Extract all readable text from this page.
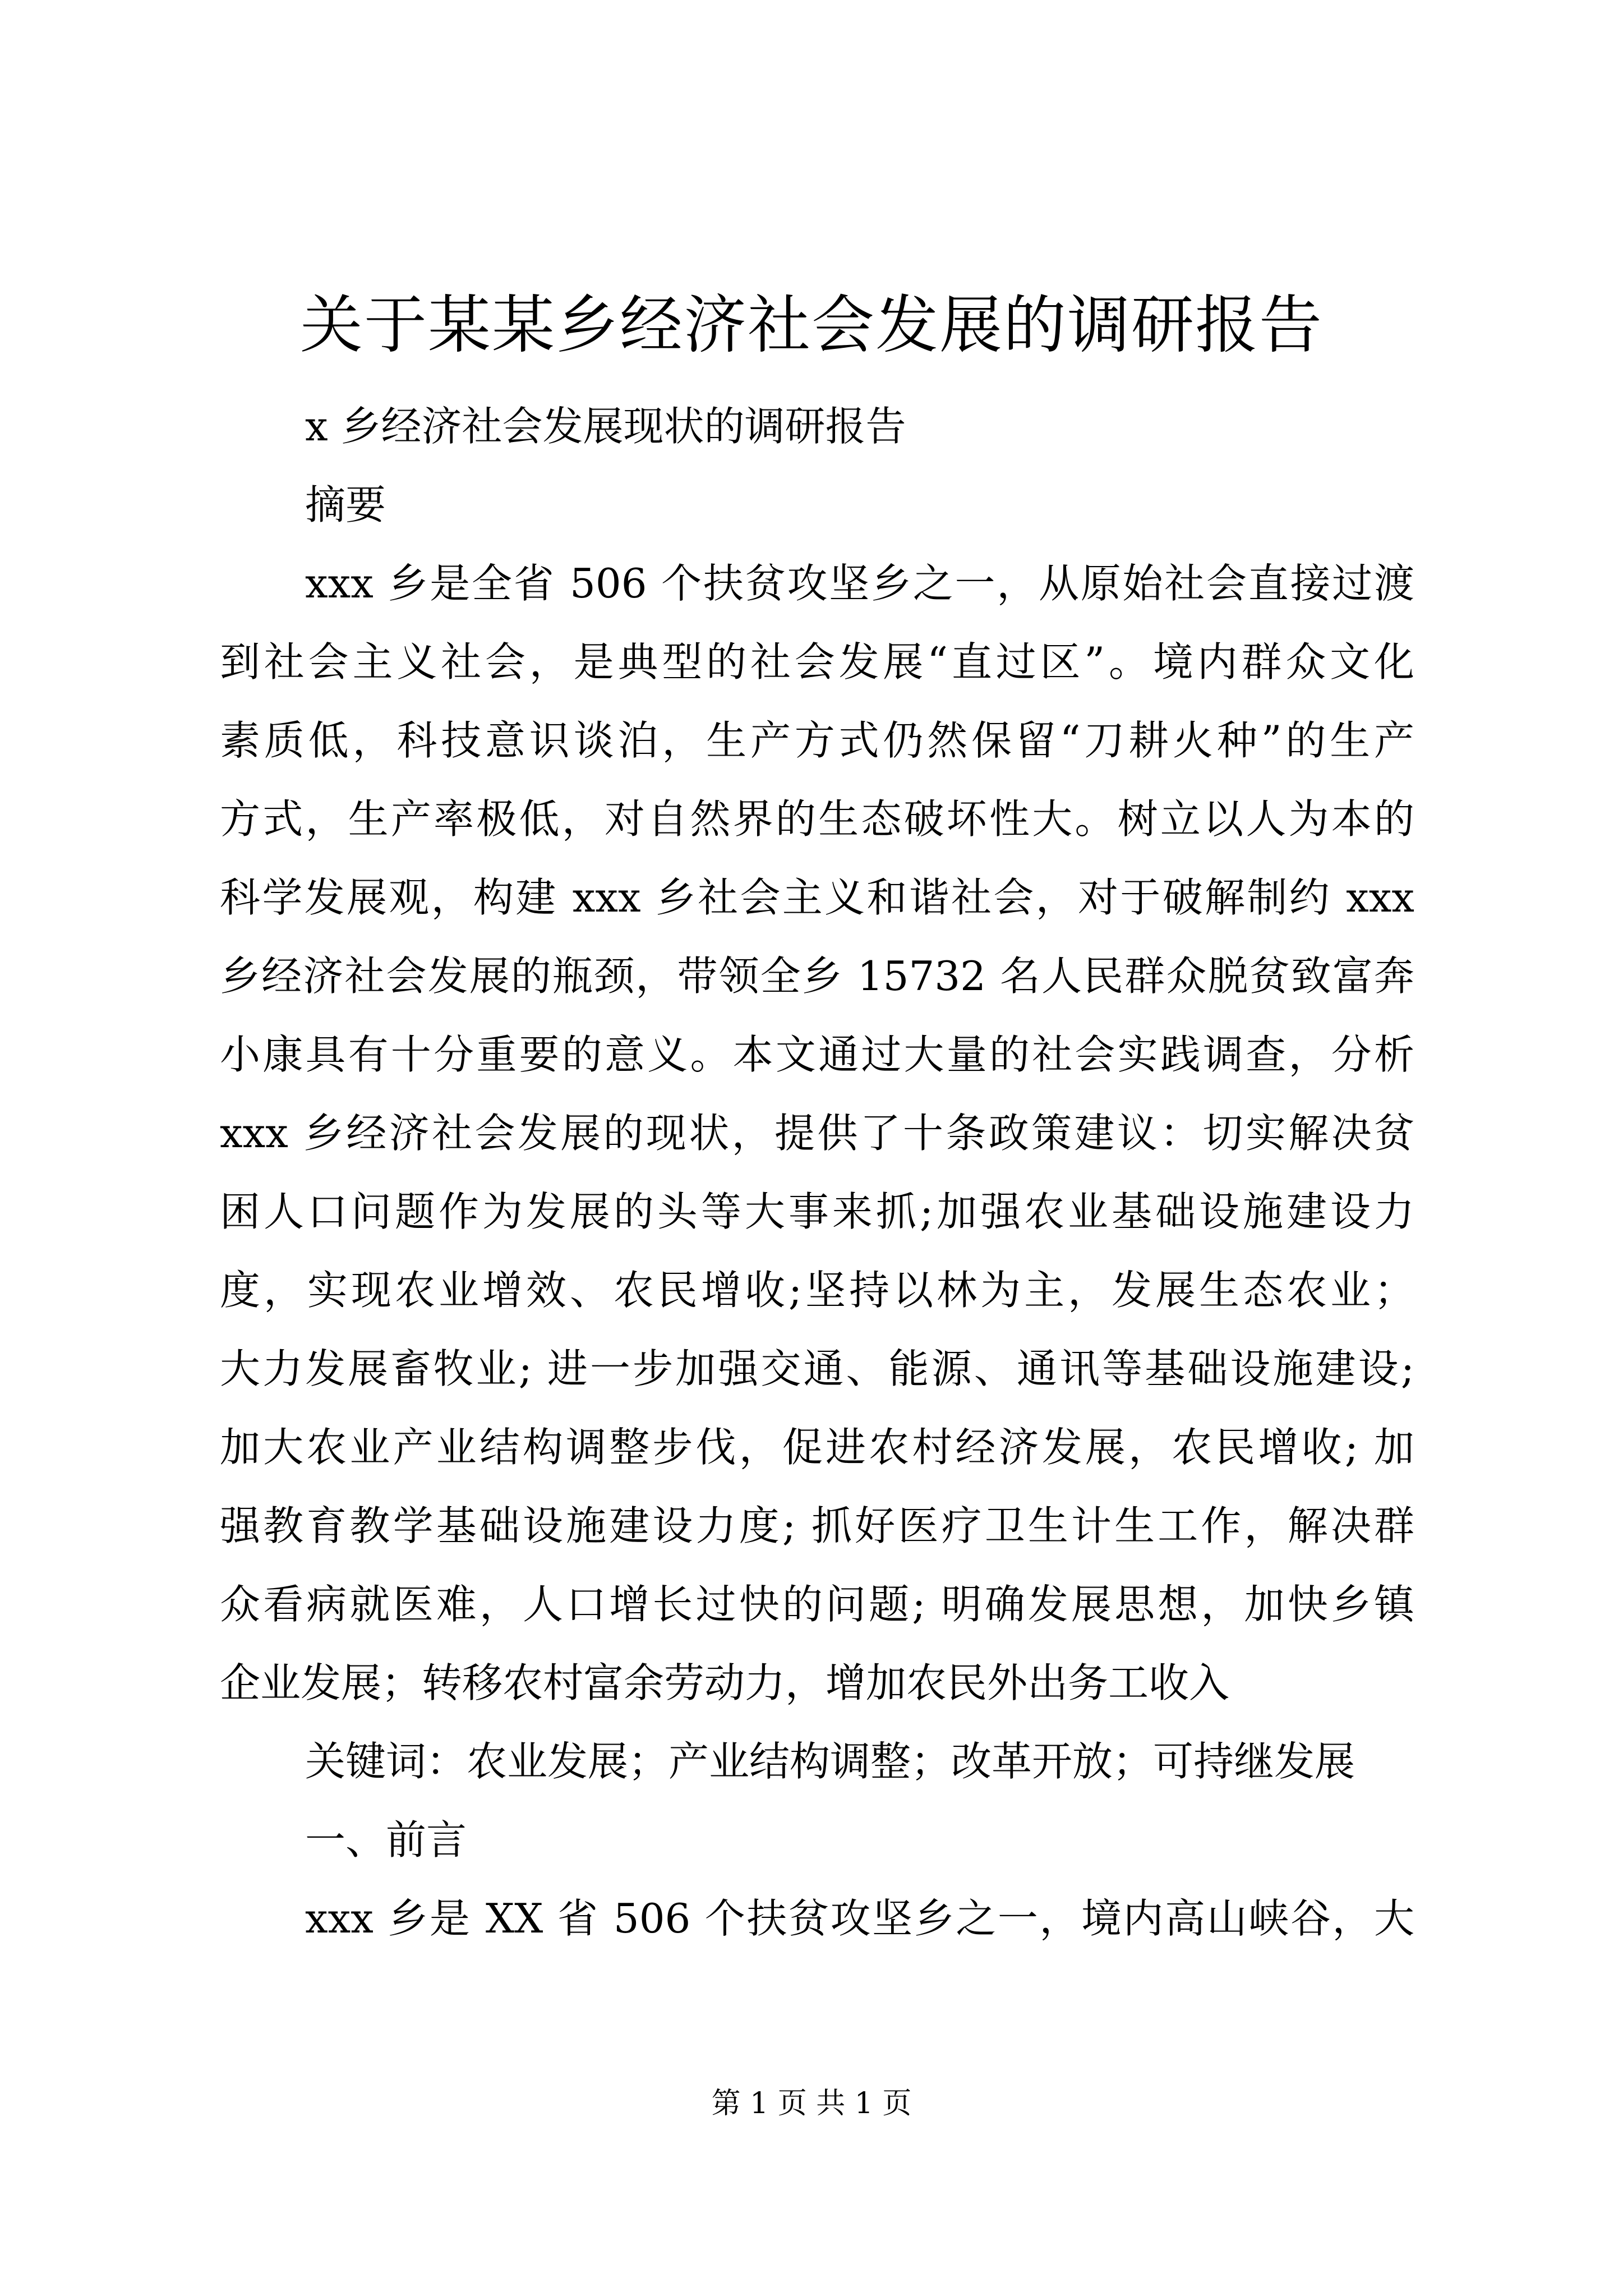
关于某某乡经济社会发展的调研报告
x 乡经济社会发展现状的调研报告
摘要
xxx 乡是全省 506 个扶贫攻坚乡之一，从原始社会直接过渡
到社会主义社会，是典型的社会发展“直过区”。境内群众文化
素质低，科技意识谈泊，生产方式仍然保留“刀耕火种”的生产
方式，生产率极低，对自然界的生态破坏性大。树立以人为本的
科学发展观，构建 xxx 乡社会主义和谐社会，对于破解制约 xxx
乡经济社会发展的瓶颈，带领全乡 15732 名人民群众脱贫致富奔
小康具有十分重要的意义。本文通过大量的社会实践调查，分析
xxx 乡经济社会发展的现状，提供了十条政策建议：切实解决贫
困人口问题作为发展的头等大事来抓;加强农业基础设施建设力
度，实现农业增效、农民增收;坚持以林为主，发展生态农业；
大力发展畜牧业; 进一步加强交通、能源、通讯等基础设施建设;
加大农业产业结构调整步伐，促进农村经济发展，农民增收; 加
强教育教学基础设施建设力度; 抓好医疗卫生计生工作，解决群
众看病就医难，人口增长过快的问题; 明确发展思想，加快乡镇
企业发展；转移农村富余劳动力，增加农民外出务工收入
关键词：农业发展；产业结构调整；改革开放；可持继发展
一、前言
xxx 乡是 XX 省 506 个扶贫攻坚乡之一，境内高山峡谷，大
第 1 页 共 1 页
